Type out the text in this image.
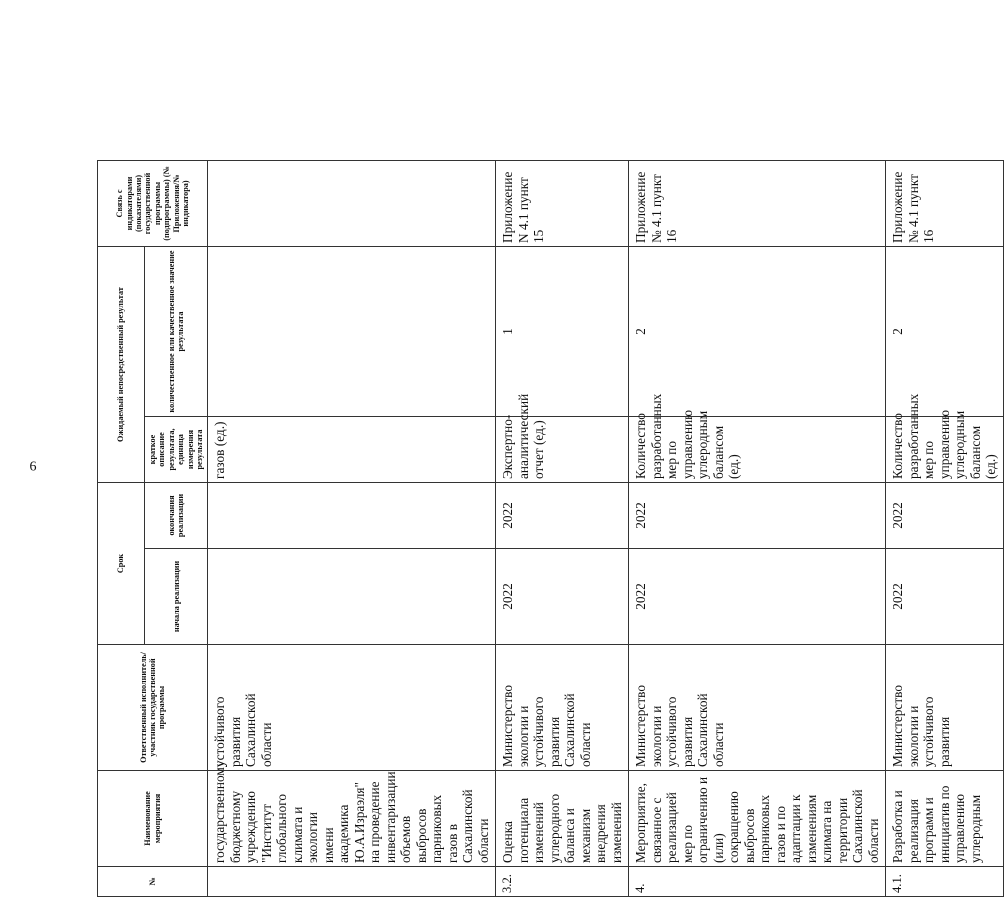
6
№	Наименование мероприятия	Ответственный исполнитель/участник государственной программы	Срок		Ожидаемый непосредственный результат		Связь с индикаторами (показателями) государственной программы (подпрограммы) (№ Приложения/№ индикатора)
			начала реализации	окончания реализации	краткое описание результата, единица измерения результата	количественное или качественное значение результата	
	государственному бюджетному учреждению "Институт глобального климата и экологии имени академика Ю.А.Израэля" на проведение инвентаризации объемов выбросов парниковых газов в Сахалинской области	устойчивого развития Сахалинской области			газов (ед.)		
3.2.	Оценка потенциала изменений углеродного баланса и механизм внедрения изменений	Министерство экологии и устойчивого развития Сахалинской области	2022	2022	Экспертно-аналитический отчет (ед.)	1	Приложение N 4.1 пункт 15
4.	Мероприятие, связанное с реализацией мер по ограничению и (или) сокращению выбросов парниковых газов и по адаптации к изменениям климата на территории Сахалинской области	Министерство экологии и устойчивого развития Сахалинской области	2022	2022	Количество разработанных мер по управлению углеродным балансом (ед.)	2	Приложение № 4.1 пункт 16
4.1.	Разработка и реализация программ и инициатив по управлению углеродным	Министерство экологии и устойчивого развития	2022	2022	Количество разработанных мер по управлению углеродным балансом (ед.)	2	Приложение № 4.1 пункт 16
